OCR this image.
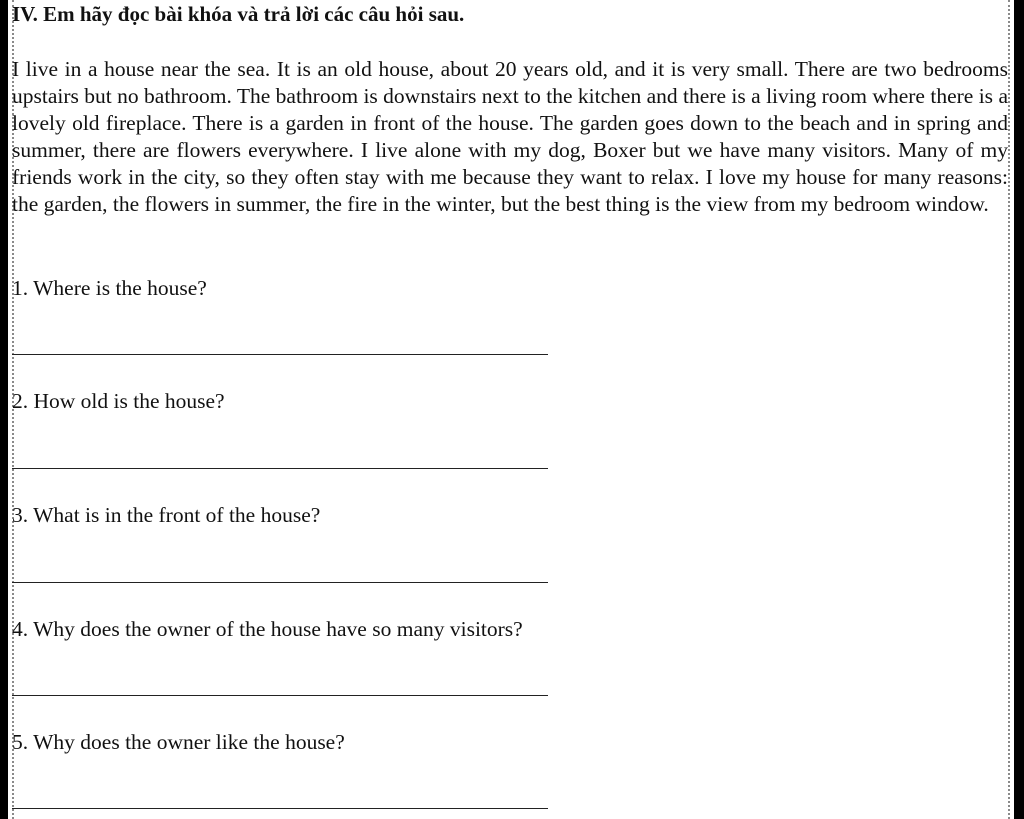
IV. Em hãy đọc bài khóa và trả lời các câu hỏi sau.

I live in a house near the sea. It is an old house, about 20 years old, and it is very small. There are two bedrooms upstairs but no bathroom. The bathroom is downstairs next to the kitchen and there is a living room where there is a lovely old fireplace. There is a garden in front of the house. The garden goes down to the beach and in spring and summer, there are flowers everywhere. I live alone with my dog, Boxer but we have many visitors. Many of my friends work in the city, so they often stay with me because they want to relax. I love my house for many reasons: the garden, the flowers in summer, the fire in the winter, but the best thing is the view from my bedroom window.

1. Where is the house?
2. How old is the house?
3. What is in the front of the house?
4. Why does the owner of the house have so many visitors?
5. Why does the owner like the house?
